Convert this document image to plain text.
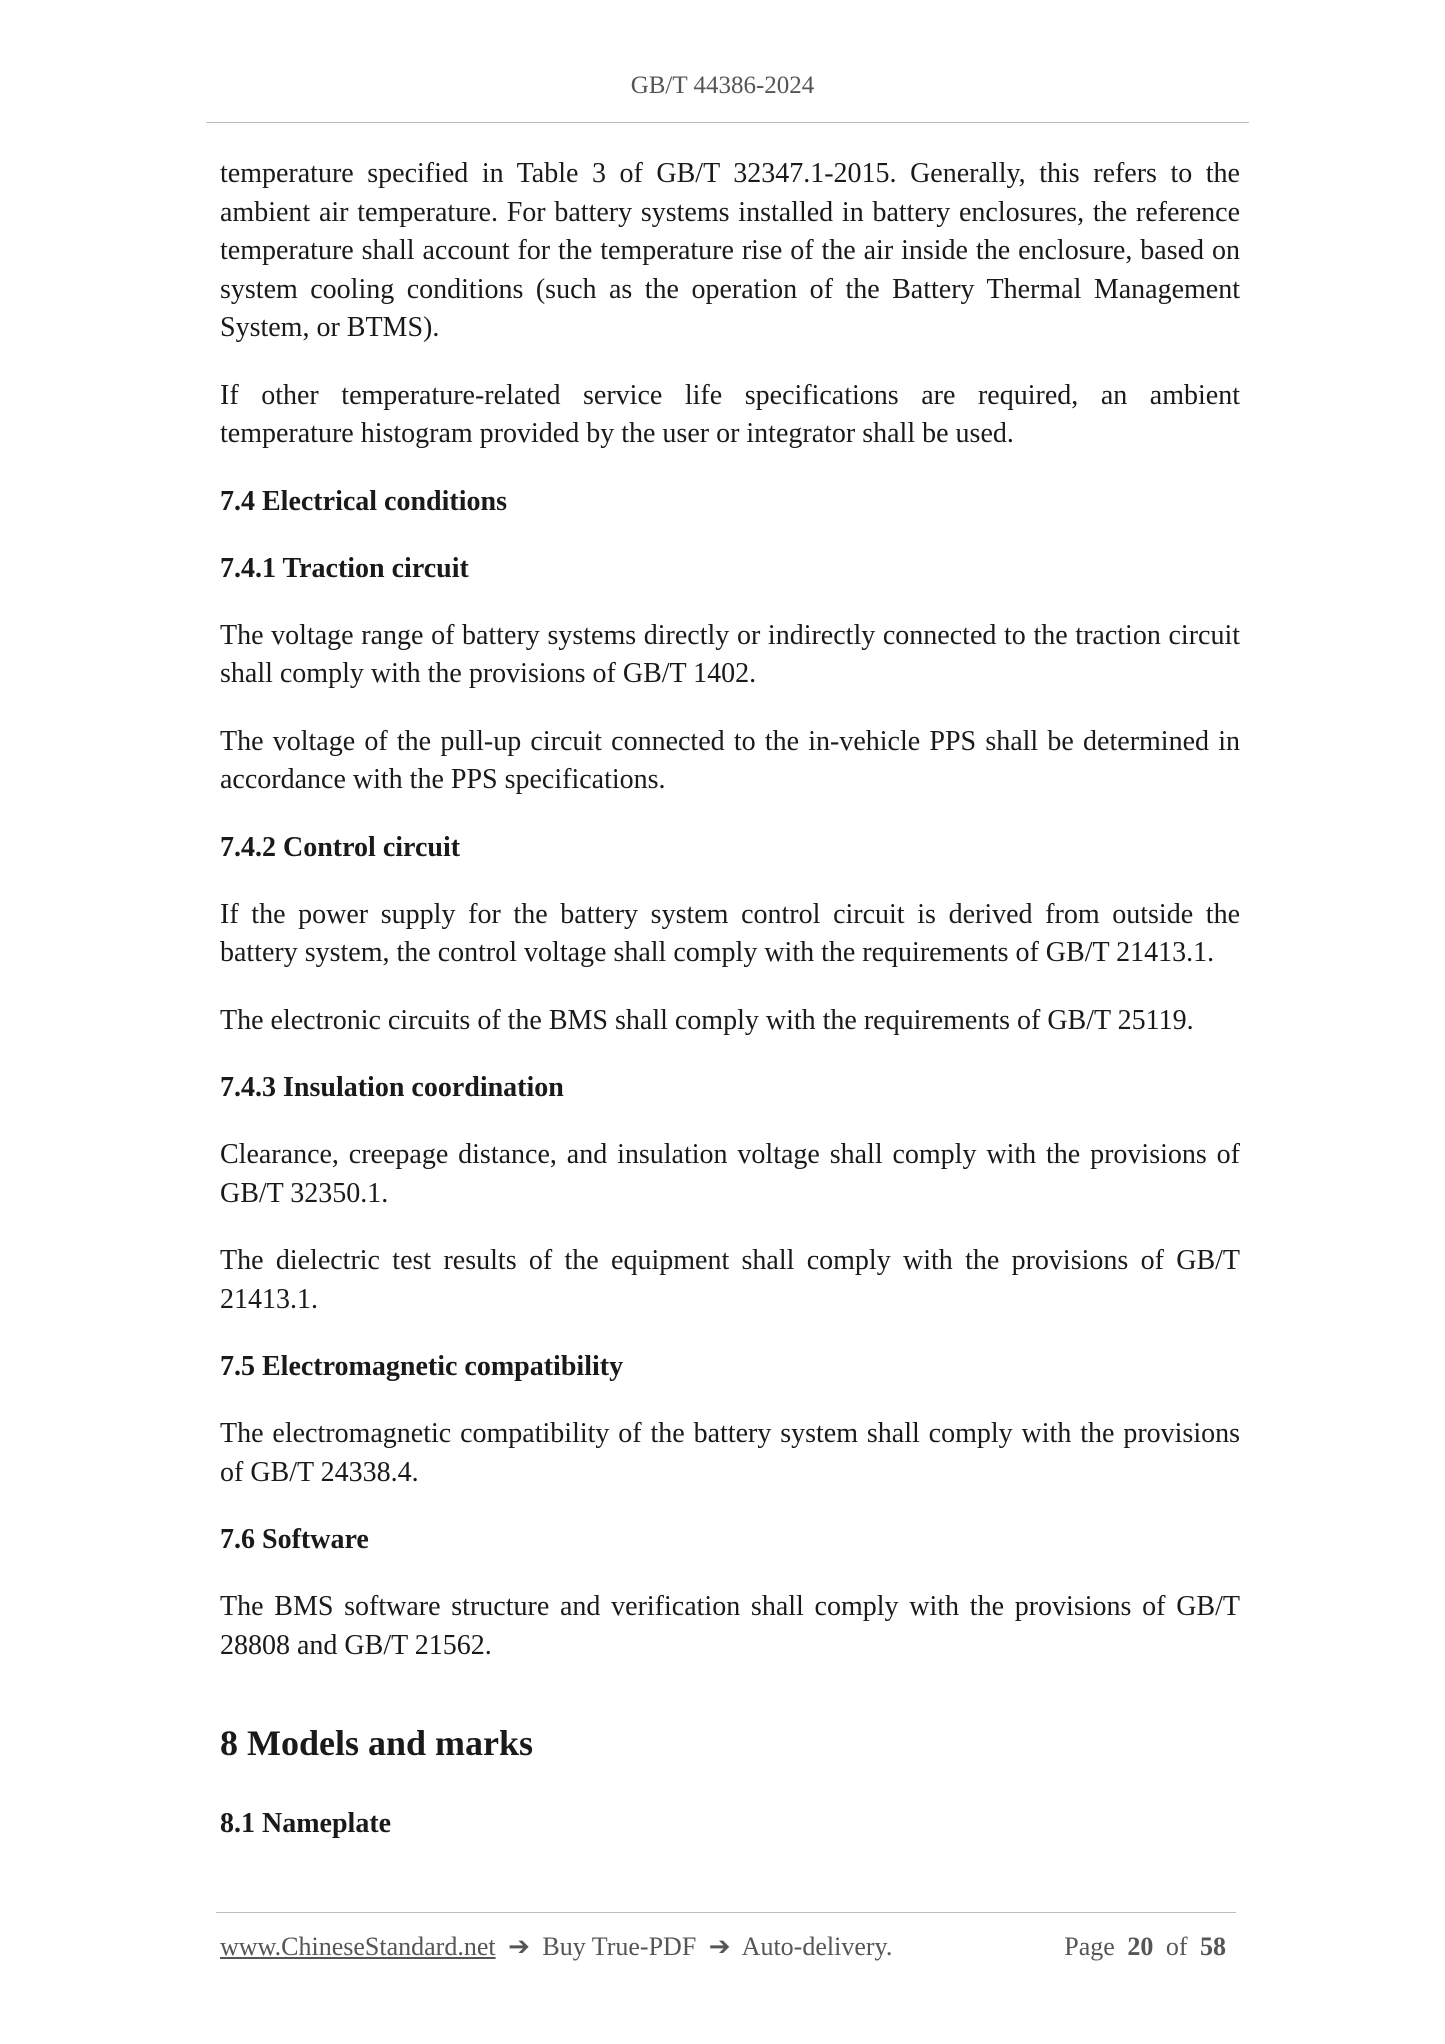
GB/T 44386-2024

temperature specified in Table 3 of GB/T 32347.1-2015. Generally, this refers to the ambient air temperature. For battery systems installed in battery enclosures, the reference temperature shall account for the temperature rise of the air inside the enclosure, based on system cooling conditions (such as the operation of the Battery Thermal Management System, or BTMS).

If other temperature-related service life specifications are required, an ambient temperature histogram provided by the user or integrator shall be used.

7.4 Electrical conditions
7.4.1 Traction circuit

The voltage range of battery systems directly or indirectly connected to the traction circuit shall comply with the provisions of GB/T 1402.

The voltage of the pull-up circuit connected to the in-vehicle PPS shall be determined in accordance with the PPS specifications.

7.4.2 Control circuit

If the power supply for the battery system control circuit is derived from outside the battery system, the control voltage shall comply with the requirements of GB/T 21413.1.

The electronic circuits of the BMS shall comply with the requirements of GB/T 25119.

7.4.3 Insulation coordination

Clearance, creepage distance, and insulation voltage shall comply with the provisions of GB/T 32350.1.

The dielectric test results of the equipment shall comply with the provisions of GB/T 21413.1.

7.5 Electromagnetic compatibility

The electromagnetic compatibility of the battery system shall comply with the provisions of GB/T 24338.4.

7.6 Software

The BMS software structure and verification shall comply with the provisions of GB/T 28808 and GB/T 21562.

8 Models and marks
8.1 Nameplate
www.ChineseStandard.net ➔ Buy True-PDF ➔ Auto-delivery.	Page 20 of 58
